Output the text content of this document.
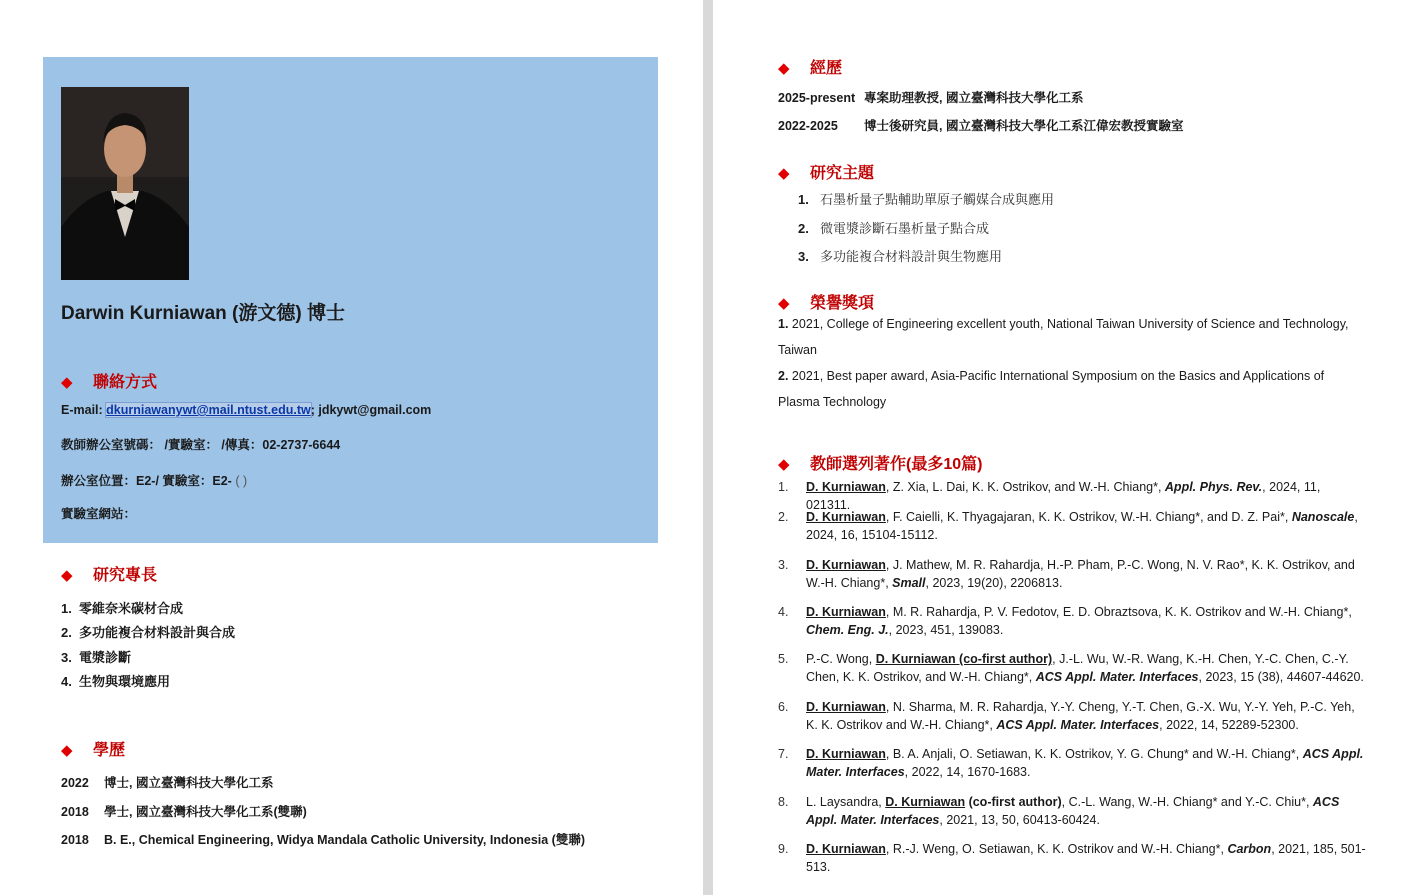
Darwin Kurniawan (游文德) 博士
◆ 聯絡方式
E-mail: dkurniawanywt@mail.ntust.edu.tw; jdkywt@gmail.com
教師辦公室號碼： /實驗室： /傳真：02-2737-6644
辦公室位置：E2-/ 實驗室：E2- ( )
實驗室網站：
◆ 研究專長
1. 零維奈米碳材合成
2. 多功能複合材料設計與合成
3. 電漿診斷
4. 生物與環境應用
◆ 學歷
2022 博士, 國立臺灣科技大學化工系
2018 學士, 國立臺灣科技大學化工系(雙聯)
2018 B. E., Chemical Engineering, Widya Mandala Catholic University, Indonesia (雙聯)
◆ 經歷
2025-present 專案助理教授, 國立臺灣科技大學化工系
2022-2025 博士後研究員, 國立臺灣科技大學化工系江偉宏教授實驗室
◆ 研究主題
1. 石墨析量子點輔助單原子觸媒合成與應用
2. 微電漿診斷石墨析量子點合成
3. 多功能複合材料設計與生物應用
◆ 榮譽獎項
1. 2021, College of Engineering excellent youth, National Taiwan University of Science and Technology, Taiwan
2. 2021, Best paper award, Asia-Pacific International Symposium on the Basics and Applications of Plasma Technology
◆ 教師選列著作(最多10篇)
1. D. Kurniawan, Z. Xia, L. Dai, K. K. Ostrikov, and W.-H. Chiang*, Appl. Phys. Rev., 2024, 11, 021311.
2. D. Kurniawan, F. Caielli, K. Thyagajaran, K. K. Ostrikov, W.-H. Chiang*, and D. Z. Pai*, Nanoscale, 2024, 16, 15104-15112.
3. D. Kurniawan, J. Mathew, M. R. Rahardja, H.-P. Pham, P.-C. Wong, N. V. Rao*, K. K. Ostrikov, and W.-H. Chiang*, Small, 2023, 19(20), 2206813.
4. D. Kurniawan, M. R. Rahardja, P. V. Fedotov, E. D. Obraztsova, K. K. Ostrikov and W.-H. Chiang*, Chem. Eng. J., 2023, 451, 139083.
5. P.-C. Wong, D. Kurniawan (co-first author), J.-L. Wu, W.-R. Wang, K.-H. Chen, Y.-C. Chen, C.-Y. Chen, K. K. Ostrikov, and W.-H. Chiang*, ACS Appl. Mater. Interfaces, 2023, 15 (38), 44607-44620.
6. D. Kurniawan, N. Sharma, M. R. Rahardja, Y.-Y. Cheng, Y.-T. Chen, G.-X. Wu, Y.-Y. Yeh, P.-C. Yeh, K. K. Ostrikov and W.-H. Chiang*, ACS Appl. Mater. Interfaces, 2022, 14, 52289-52300.
7. D. Kurniawan, B. A. Anjali, O. Setiawan, K. K. Ostrikov, Y. G. Chung* and W.-H. Chiang*, ACS Appl. Mater. Interfaces, 2022, 14, 1670-1683.
8. L. Laysandra, D. Kurniawan (co-first author), C.-L. Wang, W.-H. Chiang* and Y.-C. Chiu*, ACS Appl. Mater. Interfaces, 2021, 13, 50, 60413-60424.
9. D. Kurniawan, R.-J. Weng, O. Setiawan, K. K. Ostrikov and W.-H. Chiang*, Carbon, 2021, 185, 501-513.
